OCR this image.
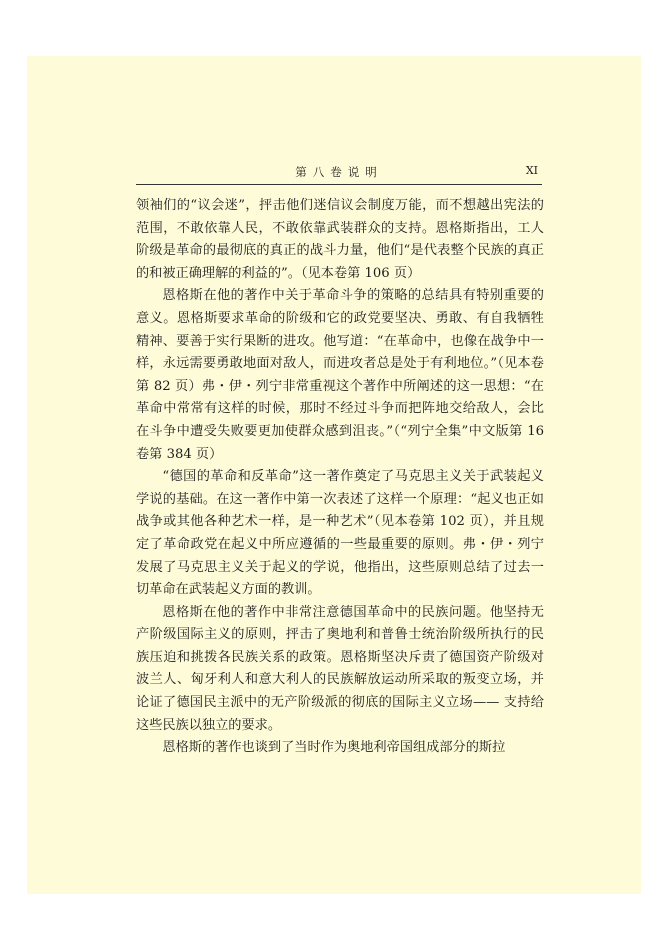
第八卷说明	XI

领袖们的“议会迷”，抨击他们迷信议会制度万能，而不想越出宪法的范围，不敢依靠人民，不敢依靠武装群众的支持。恩格斯指出，工人阶级是革命的最彻底的真正的战斗力量，他们“是代表整个民族的真正的和被正确理解的利益的”。（见本卷第 106 页）

恩格斯在他的著作中关于革命斗争的策略的总结具有特别重要的意义。恩格斯要求革命的阶级和它的政党要坚决、勇敢、有自我牺牲精神、要善于实行果断的进攻。他写道：“在革命中，也像在战争中一样，永远需要勇敢地面对敌人，而进攻者总是处于有利地位。”（见本卷第 82 页）弗・伊・列宁非常重视这个著作中所阐述的这一思想：“在革命中常常有这样的时候，那时不经过斗争而把阵地交给敌人，会比在斗争中遭受失败要更加使群众感到沮丧。”（“列宁全集”中文版第 16 卷第 384 页）

“德国的革命和反革命”这一著作奠定了马克思主义关于武装起义学说的基础。在这一著作中第一次表述了这样一个原理：“起义也正如战争或其他各种艺术一样，是一种艺术”（见本卷第 102 页），并且规定了革命政党在起义中所应遵循的一些最重要的原则。弗・伊・列宁发展了马克思主义关于起义的学说，他指出，这些原则总结了过去一切革命在武装起义方面的教训。

恩格斯在他的著作中非常注意德国革命中的民族问题。他坚持无产阶级国际主义的原则，抨击了奥地利和普鲁士统治阶级所执行的民族压迫和挑拨各民族关系的政策。恩格斯坚决斥责了德国资产阶级对波兰人、匈牙利人和意大利人的民族解放运动所采取的叛变立场，并论证了德国民主派中的无产阶级派的彻底的国际主义立场—— 支持给这些民族以独立的要求。

恩格斯的著作也谈到了当时作为奥地利帝国组成部分的斯拉
